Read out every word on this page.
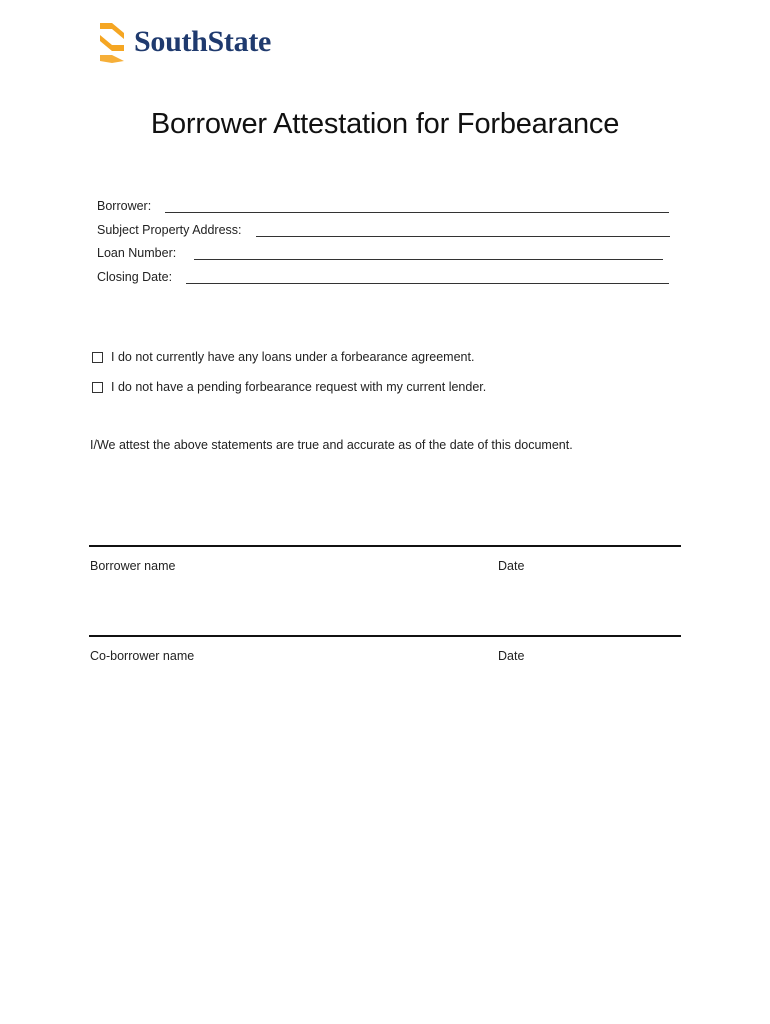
SouthState
Borrower Attestation for Forbearance
Borrower:
Subject Property Address:
Loan Number:
Closing Date:
I do not currently have any loans under a forbearance agreement.
I do not have a pending forbearance request with my current lender.
I/We attest the above statements are true and accurate as of the date of this document.
Borrower name	Date
Co-borrower name	Date
